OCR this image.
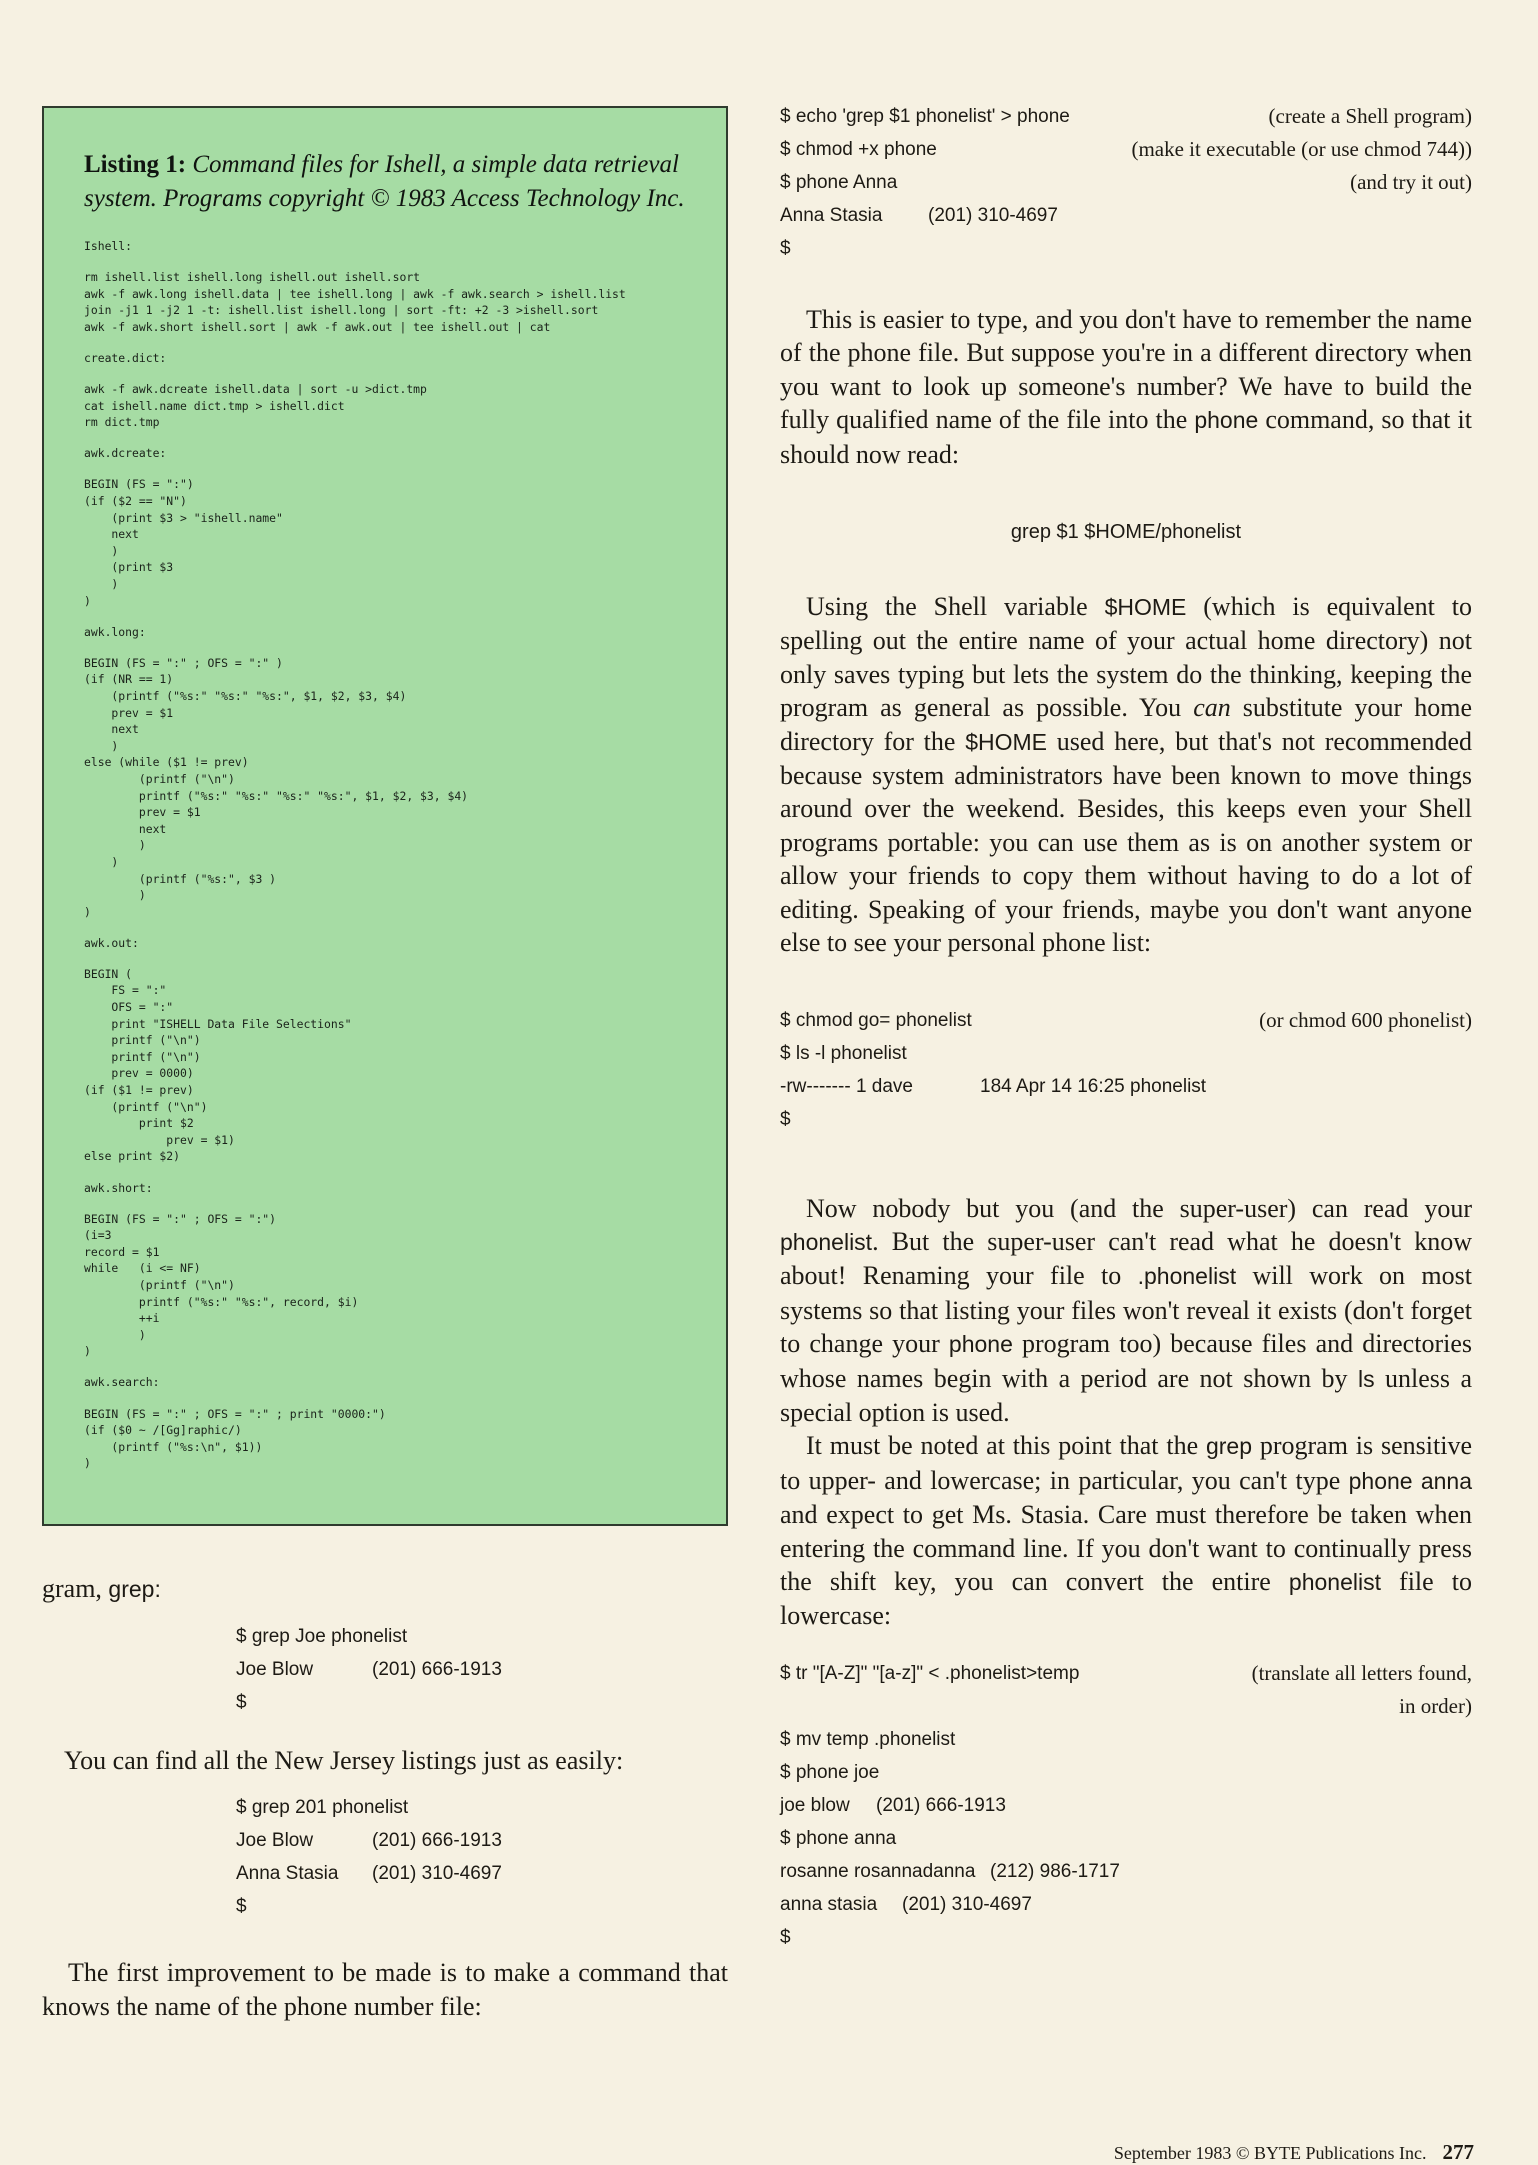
Listing 1: Command files for Ishell, a simple data retrieval system. Programs copyright © 1983 Access Technology Inc.

Ishell:
rm ishell.list ishell.long ishell.out ishell.sort
awk -f awk.long ishell.data | tee ishell.long | awk -f awk.search > ishell.list
join -j1 1 -j2 1 -t: ishell.list ishell.long | sort -ft: +2 -3 >ishell.sort
awk -f awk.short ishell.sort | awk -f awk.out | tee ishell.out | cat
create.dict:
awk -f awk.dcreate ishell.data | sort -u >dict.tmp
cat ishell.name dict.tmp > ishell.dict
rm dict.tmp
awk.dcreate:
BEGIN (FS = ":")
(if ($2 == "N")
(print $3 > "ishell.name"
next
)
(print $3
)
)
awk.long:
BEGIN (FS = ":" ; OFS = ":" )
(if (NR == 1)
(printf ("%s:" "%s:" "%s:", $1, $2, $3, $4)
prev = $1
next
)
else (while ($1 != prev)
(printf ("\n")
printf ("%s:" "%s:" "%s:" "%s:", $1, $2, $3, $4)
prev = $1
next
)
)
(printf ("%s:", $3 )
)
)
awk.out:
BEGIN (
FS = ":"
OFS = ":"
print "ISHELL Data File Selections"
printf ("\n")
printf ("\n")
prev = 0000)
(if ($1 != prev)
(printf ("\n")
print $2
prev = $1)
else print $2)
awk.short:
BEGIN (FS = ":" ; OFS = ":")
(i=3
record = $1
while   (i <= NF)
(printf ("\n")
printf ("%s:" "%s:", record, $i)
++i
)
)
awk.search:
BEGIN (FS = ":" ; OFS = ":" ; print "0000:")
(if ($0 ~ /[Gg]raphic/)
(printf ("%s:\n", $1))
)
gram, grep:
$ grep Joe phonelist
Joe Blow	(201) 666-1913
$

You can find all the New Jersey listings just as easily:

$ grep 201 phonelist
Joe Blow	(201) 666-1913
Anna Stasia (201) 310-4697
$

The first improvement to be made is to make a command that knows the name of the phone number file:

$ echo 'grep $1 phonelist' > phone	(create a Shell program)
$ chmod +x phone	(make it executable (or use chmod 744))
$ phone Anna	(and try it out)
Anna Stasia (201) 310-4697
$

This is easier to type, and you don't have to remember the name of the phone file. But suppose you're in a different directory when you want to look up someone's number? We have to build the fully qualified name of the file into the phone command, so that it should now read:

grep $1 $HOME/phonelist

Using the Shell variable $HOME (which is equivalent to spelling out the entire name of your actual home directory) not only saves typing but lets the system do the thinking, keeping the program as general as possible. You can substitute your home directory for the $HOME used here, but that's not recommended because system administrators have been known to move things around over the weekend. Besides, this keeps even your Shell programs portable: you can use them as is on another system or allow your friends to copy them without having to do a lot of editing. Speaking of your friends, maybe you don't want anyone else to see your personal phone list:

$ chmod go= phonelist	(or chmod 600 phonelist)
$ ls -l phonelist
-rw------- 1 dave	184 Apr 14 16:25 phonelist
$

Now nobody but you (and the super-user) can read your phonelist. But the super-user can't read what he doesn't know about! Renaming your file to .phonelist will work on most systems so that listing your files won't reveal it exists (don't forget to change your phone program too) because files and directories whose names begin with a period are not shown by ls unless a special option is used.

It must be noted at this point that the grep program is sensitive to upper- and lowercase; in particular, you can't type phone anna and expect to get Ms. Stasia. Care must therefore be taken when entering the command line. If you don't want to continually press the shift key, you can convert the entire phonelist file to lowercase:

$ tr "[A-Z]" "[a-z]" < .phonelist>temp	(translate all letters found,
in order)
$ mv temp .phonelist
$ phone joe
joe blow (201) 666-1913
$ phone anna
rosanne rosannadanna (212) 986-1717
anna stasia (201) 310-4697
$
September 1983 © BYTE Publications Inc. 277
